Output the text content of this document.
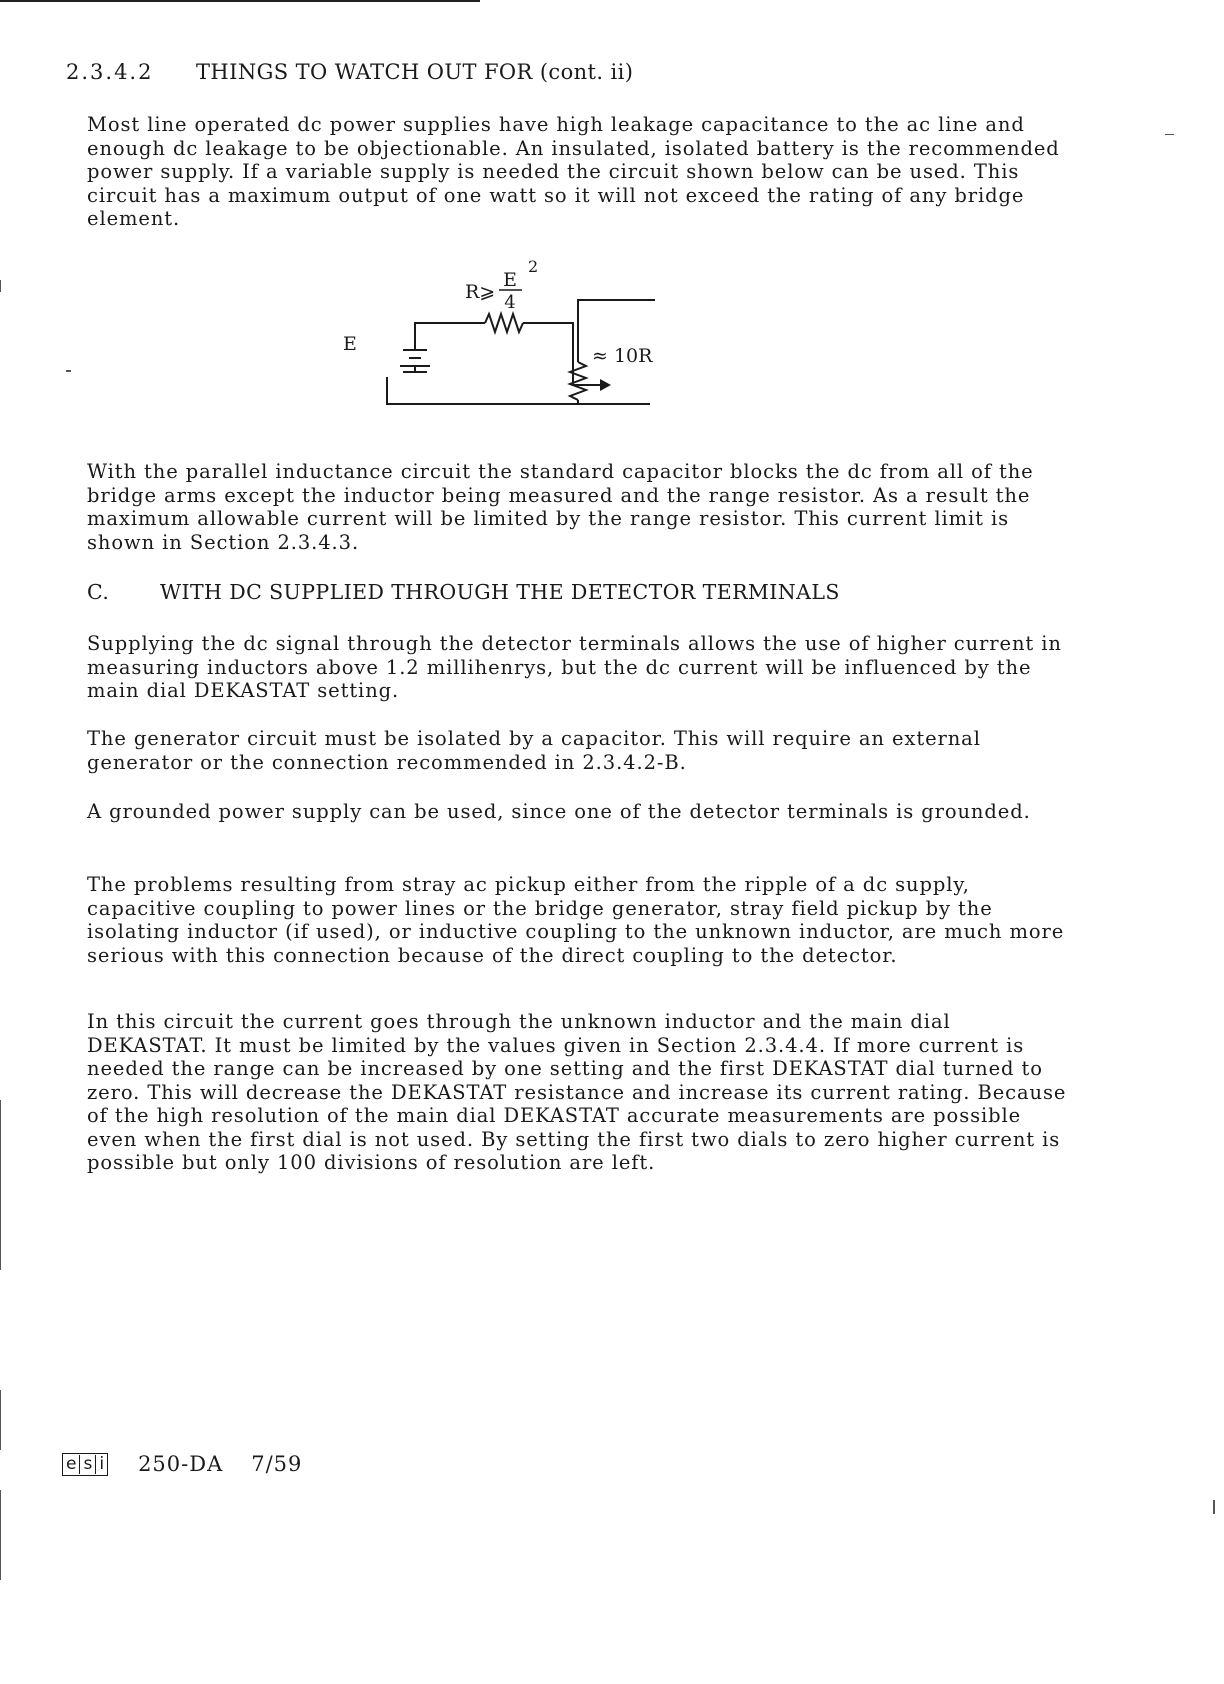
2.3.4.2 THINGS TO WATCH OUT FOR (cont. ii)

Most line operated dc power supplies have high leakage capacitance to the ac line and enough dc leakage to be objectionable. An insulated, isolated battery is the recommended power supply. If a variable supply is needed the circuit shown below can be used. This circuit has a maximum output of one watt so it will not exceed the rating of any bridge element.

R⩾
E
2
4
E
≈ 10R

With the parallel inductance circuit the standard capacitor blocks the dc from all of the bridge arms except the inductor being measured and the range resistor. As a result the maximum allowable current will be limited by the range resistor. This current limit is shown in Section 2.3.4.3.

C. WITH DC SUPPLIED THROUGH THE DETECTOR TERMINALS

Supplying the dc signal through the detector terminals allows the use of higher current in measuring inductors above 1.2 millihenrys, but the dc current will be influenced by the main dial DEKASTAT setting.

The generator circuit must be isolated by a capacitor. This will require an external generator or the connection recommended in 2.3.4.2-B.

A grounded power supply can be used, since one of the detector terminals is grounded.

The problems resulting from stray ac pickup either from the ripple of a dc supply, capacitive coupling to power lines or the bridge generator, stray field pickup by the isolating inductor (if used), or inductive coupling to the unknown inductor, are much more serious with this connection because of the direct coupling to the detector.

In this circuit the current goes through the unknown inductor and the main dial DEKASTAT. It must be limited by the values given in Section 2.3.4.4. If more current is needed the range can be increased by one setting and the first DEKASTAT dial turned to zero. This will decrease the DEKASTAT resistance and increase its current rating. Because of the high resolution of the main dial DEKASTAT accurate measurements are possible even when the first dial is not used. By setting the first two dials to zero higher current is possible but only 100 divisions of resolution are left.

e s i 250-DA 7/59
